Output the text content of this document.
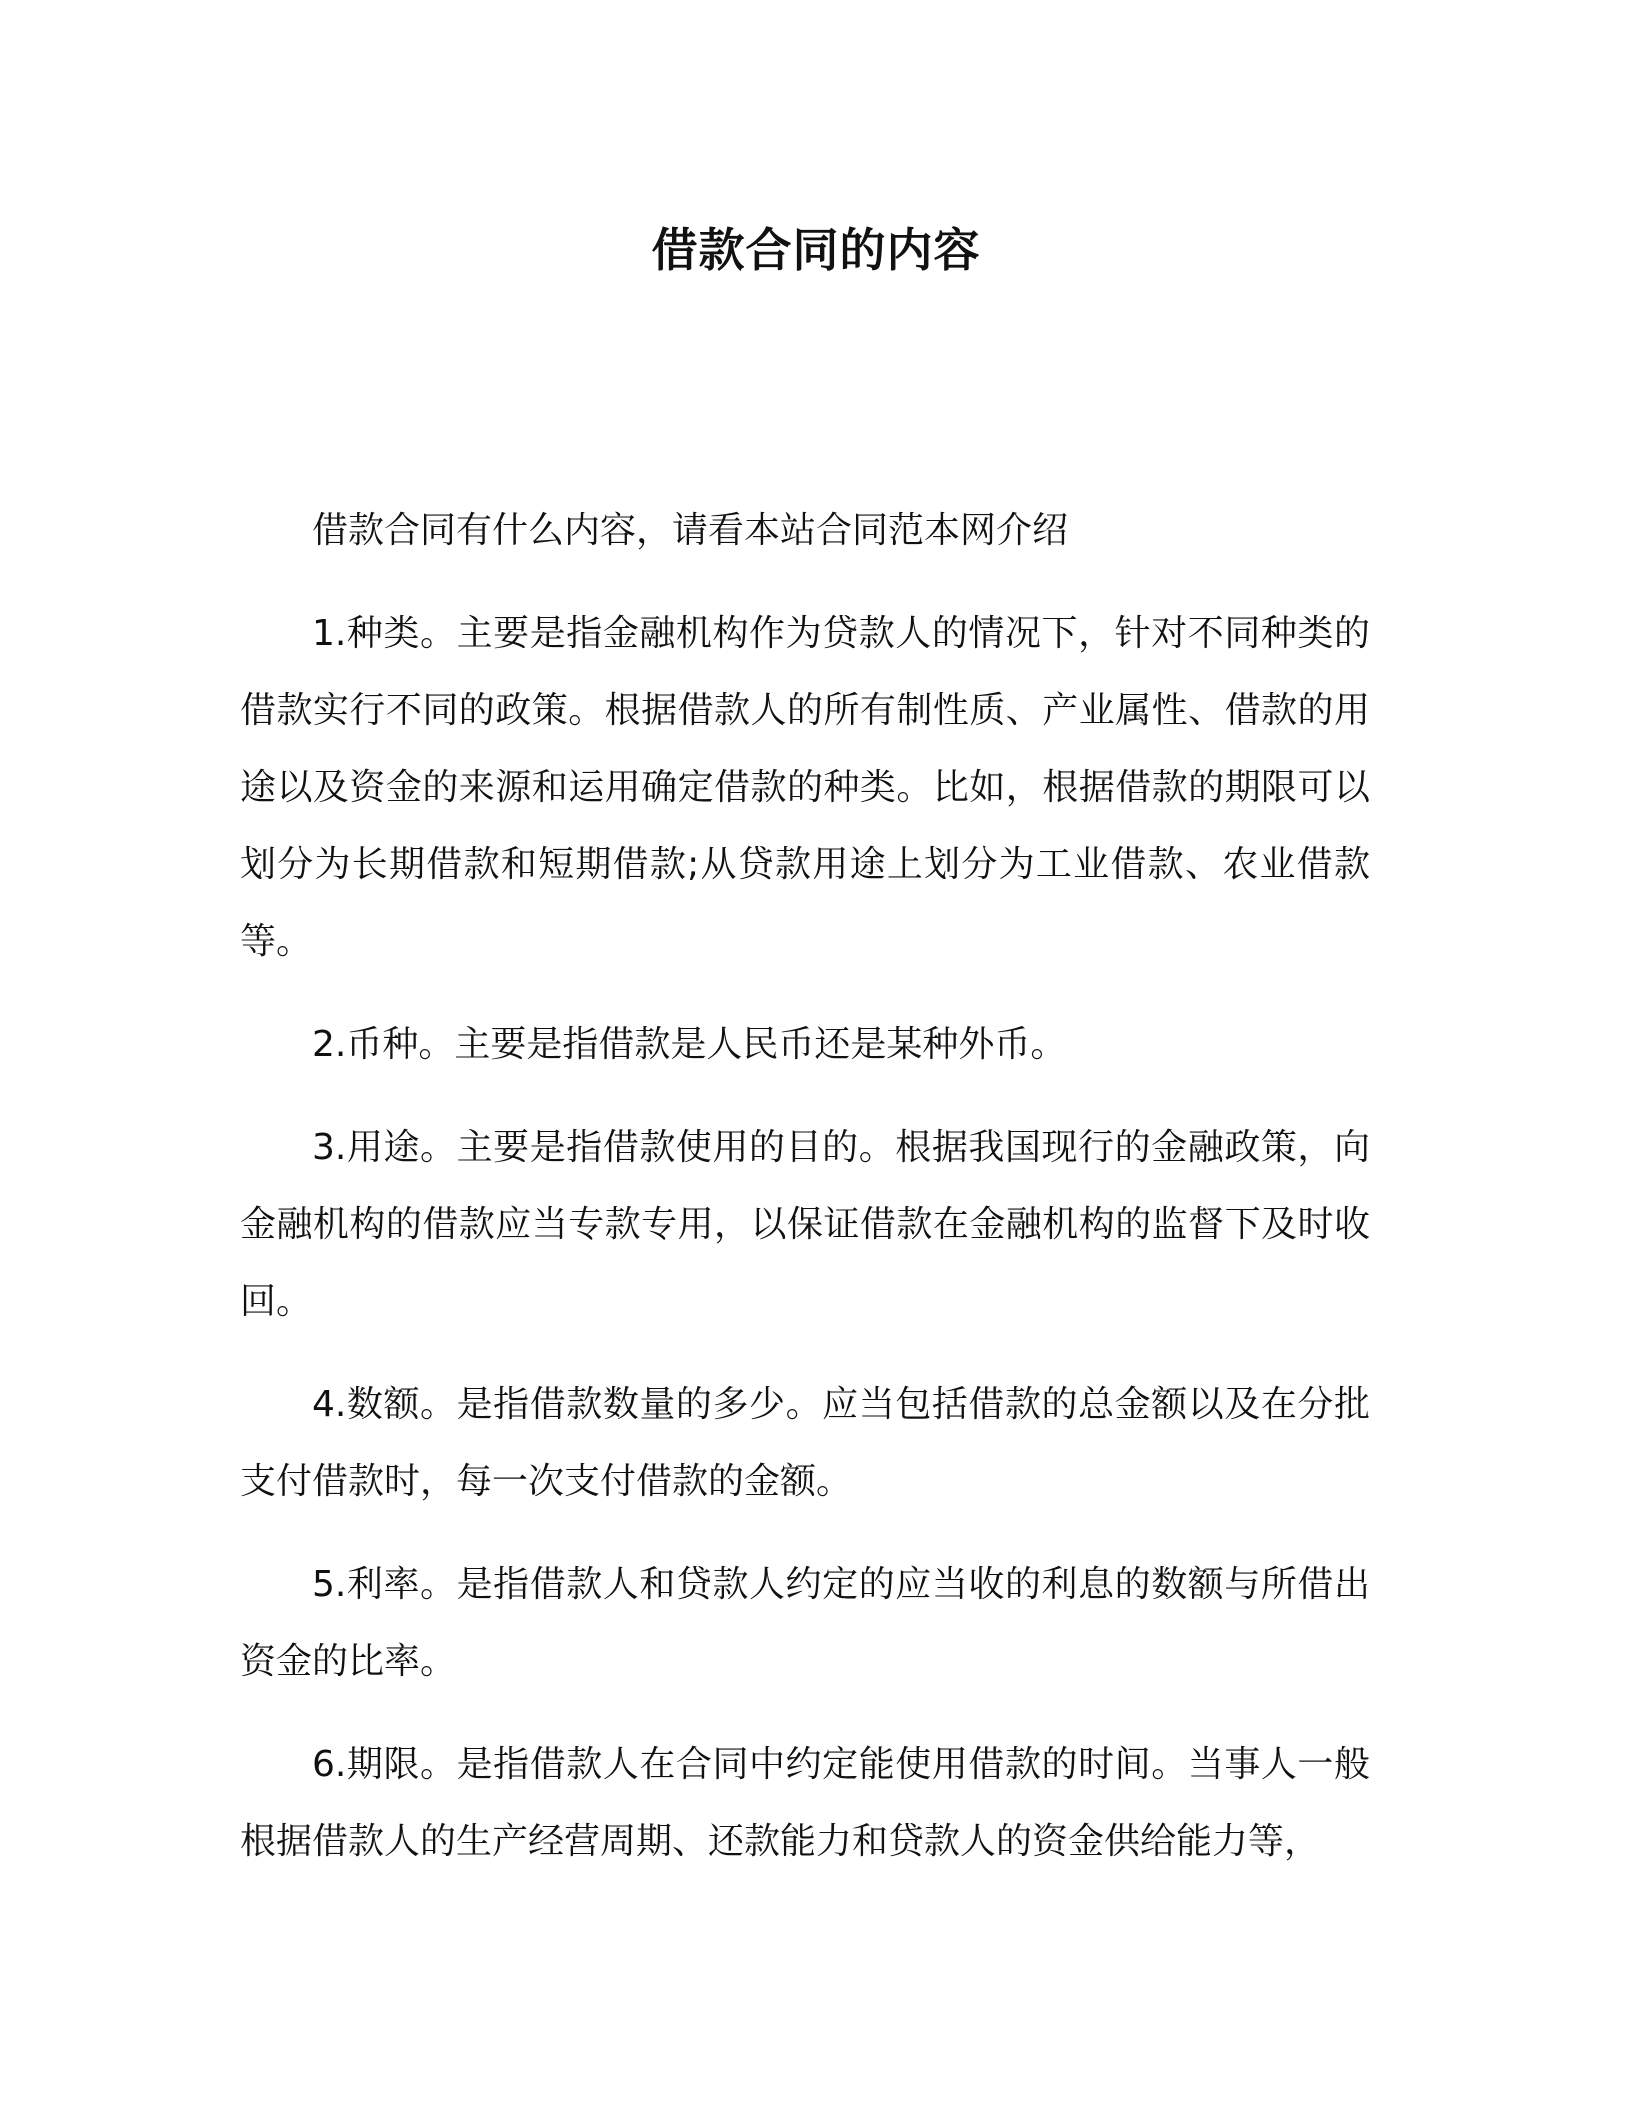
借款合同的内容

借款合同有什么内容，请看本站合同范本网介绍

1.种类。主要是指金融机构作为贷款人的情况下，针对不同种类的借款实行不同的政策。根据借款人的所有制性质、产业属性、借款的用途以及资金的来源和运用确定借款的种类。比如，根据借款的期限可以划分为长期借款和短期借款;从贷款用途上划分为工业借款、农业借款等。

2.币种。主要是指借款是人民币还是某种外币。

3.用途。主要是指借款使用的目的。根据我国现行的金融政策，向金融机构的借款应当专款专用，以保证借款在金融机构的监督下及时收回。

4.数额。是指借款数量的多少。应当包括借款的总金额以及在分批支付借款时，每一次支付借款的金额。

5.利率。是指借款人和贷款人约定的应当收的利息的数额与所借出资金的比率。

6.期限。是指借款人在合同中约定能使用借款的时间。当事人一般根据借款人的生产经营周期、还款能力和贷款人的资金供给能力等，
